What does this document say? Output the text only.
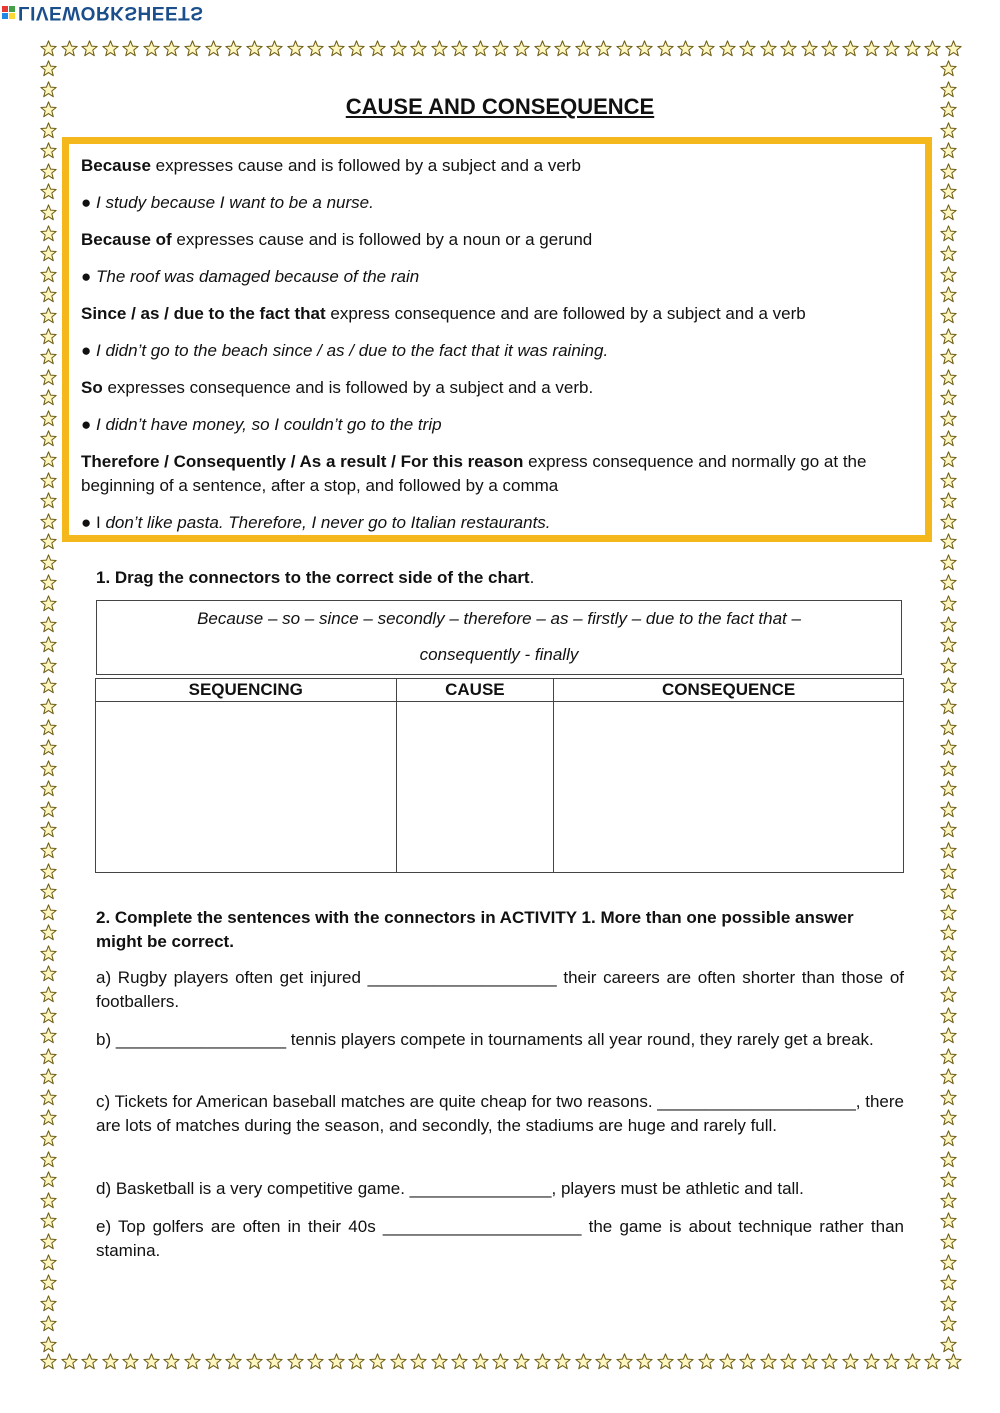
LIVEWORKSHEETS
CAUSE AND CONSEQUENCE

Because expresses cause and is followed by a subject and a verb

● I study because I want to be a nurse.

Because of expresses cause and is followed by a noun or a gerund

● The roof was damaged because of the rain

Since / as / due to the fact that express consequence and are followed by a subject and a verb

● I didn’t go to the beach since / as / due to the fact that it was raining.

So expresses consequence and is followed by a subject and a verb.

● I didn’t have money, so I couldn’t go to the trip

Therefore / Consequently / As a result / For this reason express consequence and normally go at the beginning of a sentence, after a stop, and followed by a comma

● I don’t like pasta. Therefore, I never go to Italian restaurants.

1. Drag the connectors to the correct side of the chart.
Because – so – since – secondly – therefore – as – firstly – due to the fact that –
consequently - finally
SEQUENCING	CAUSE	CONSEQUENCE

2. Complete the sentences with the connectors in ACTIVITY 1. More than one possible answer might be correct.
a) Rugby players often get injured ____________________ their careers are often shorter than those of footballers.
b) __________________ tennis players compete in tournaments all year round, they rarely get a break.
c) Tickets for American baseball matches are quite cheap for two reasons. _____________________, there are lots of matches during the season, and secondly, the stadiums are huge and rarely full.
d) Basketball is a very competitive game. _______________, players must be athletic and tall.
e) Top golfers are often in their 40s _____________________ the game is about technique rather than stamina.
